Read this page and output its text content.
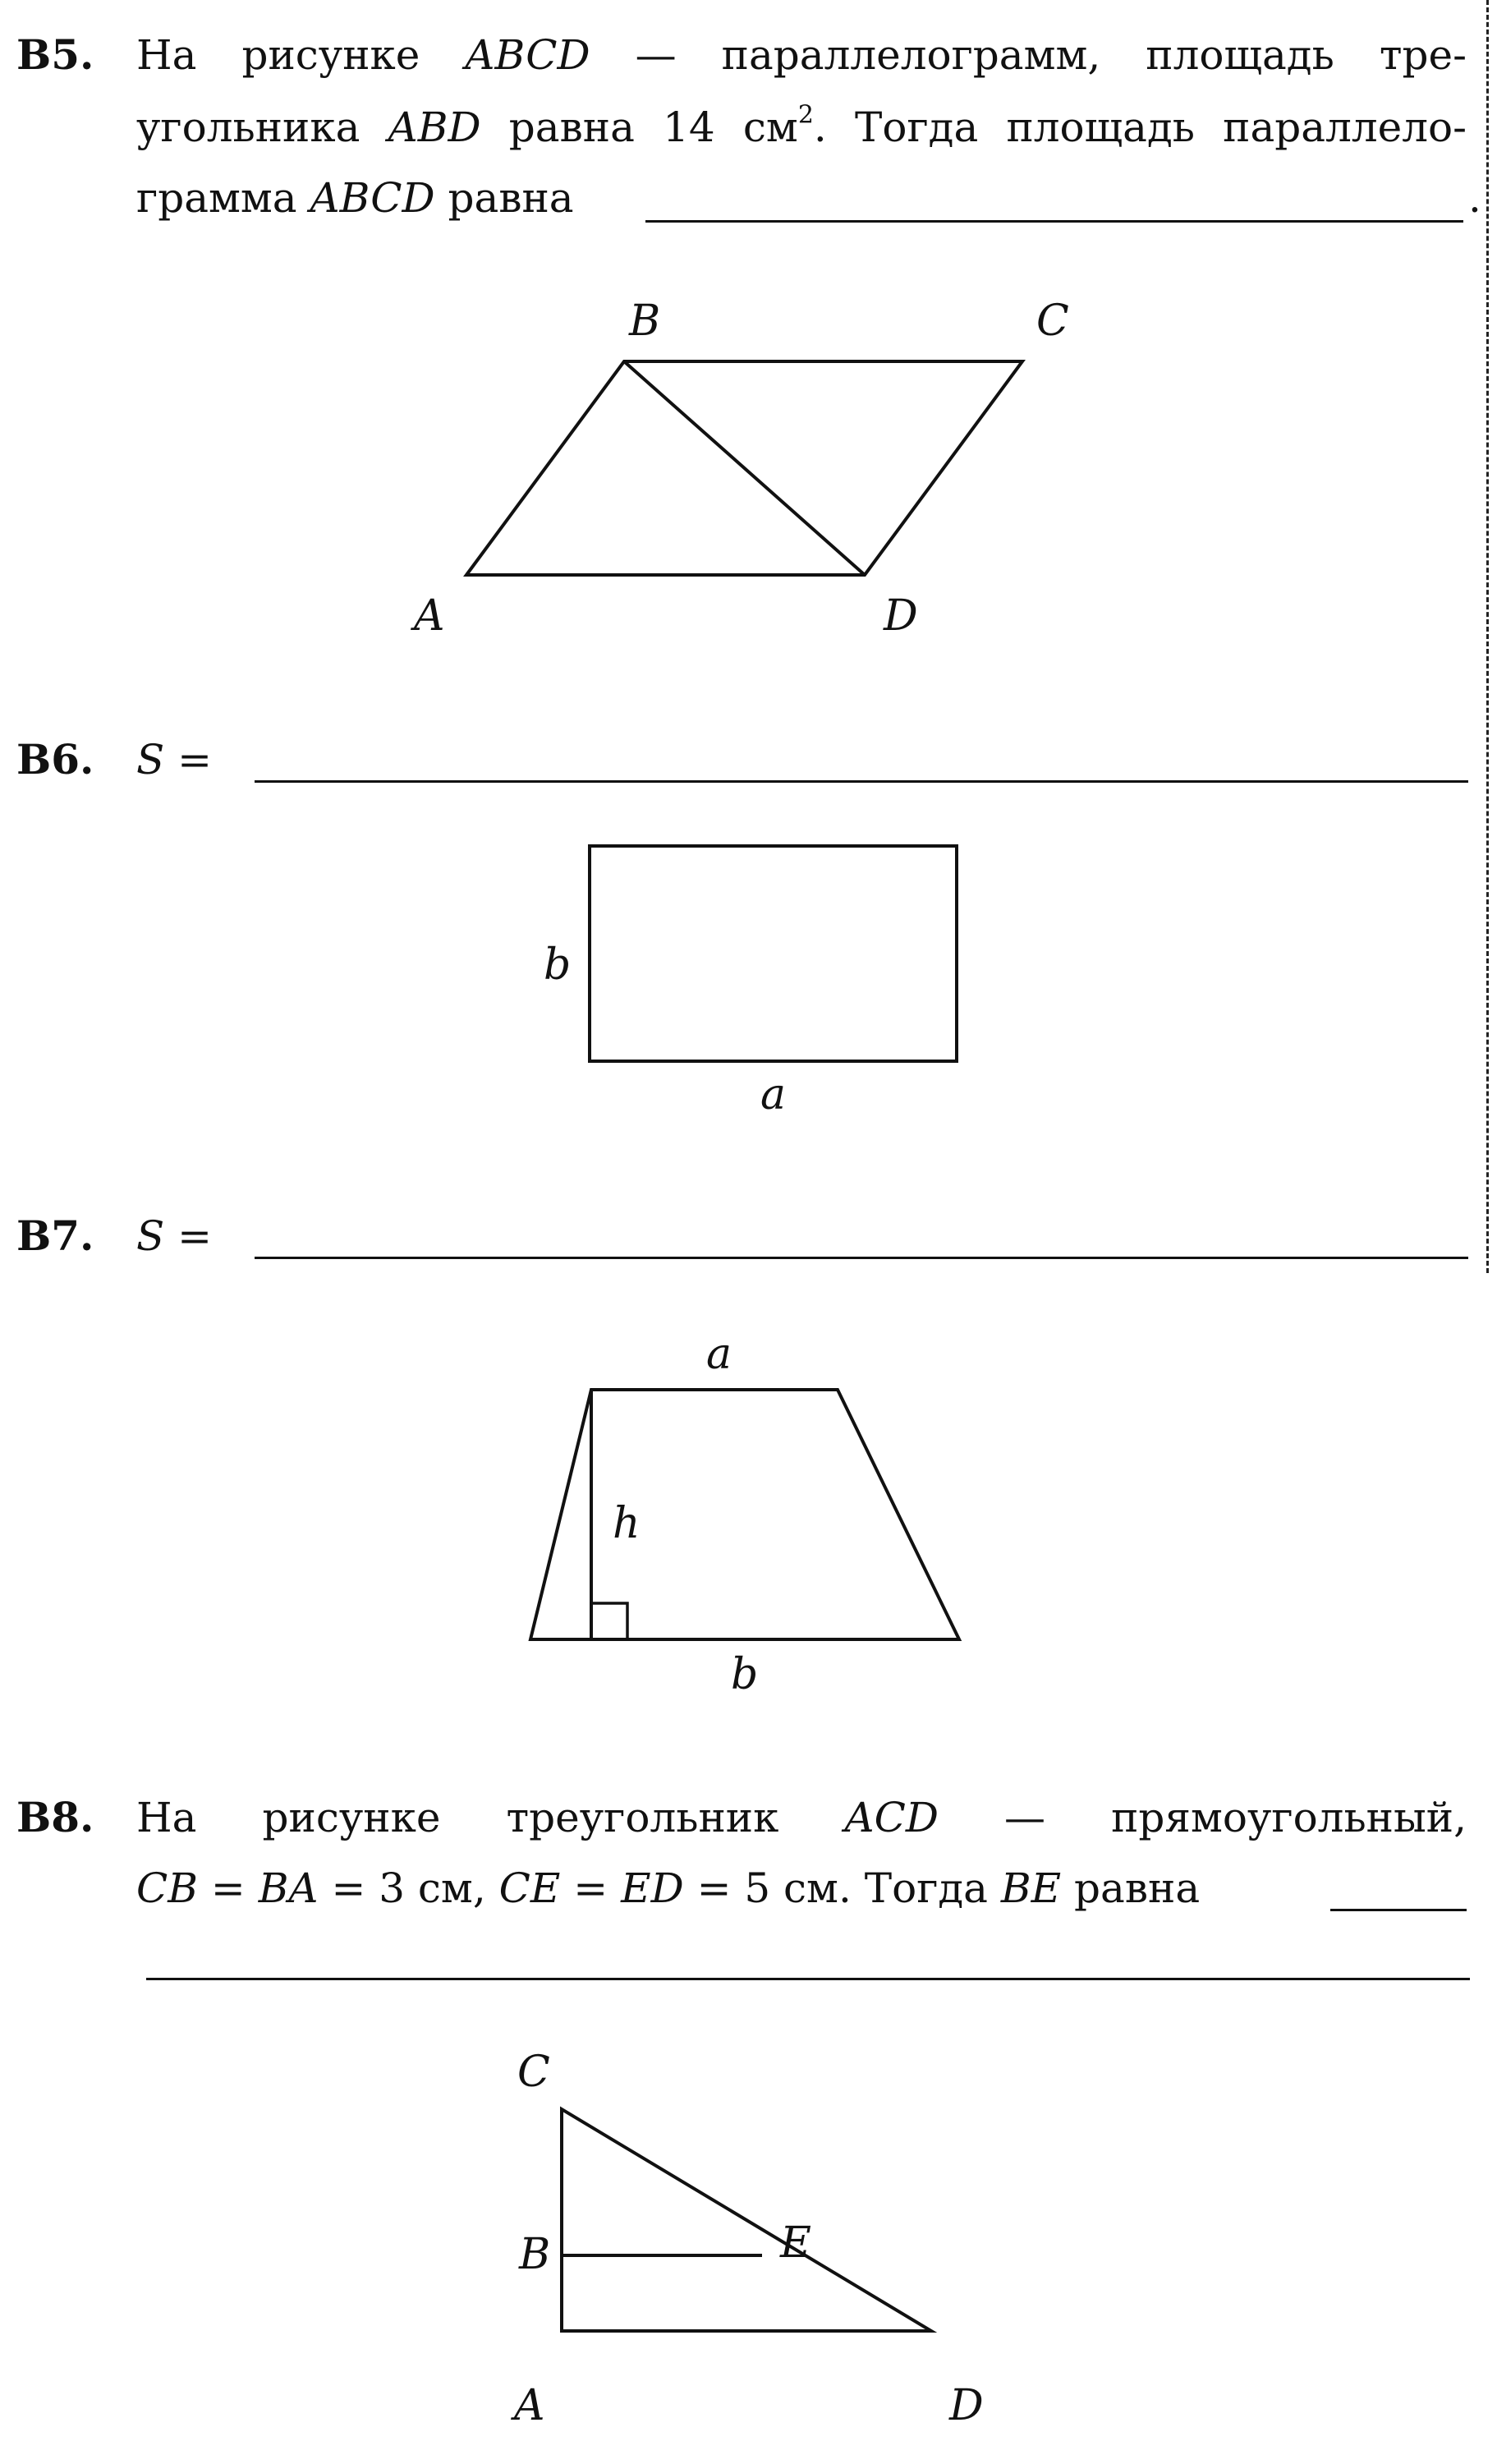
B5. На рисунке ABCD — параллелограмм, площадь тре-
угольника ABD равна 14 $см^2$. Тогда площадь параллело-
грамма ABCD равна	.
A
B	C
D
B6. S =
b
a
B7. S =
a
h
b
B8. На рисунке треугольник ACD — прямоугольный,
CB = BA = 3 см, CE = ED = 5 см. Тогда BE равна
C
B	E
A	D
